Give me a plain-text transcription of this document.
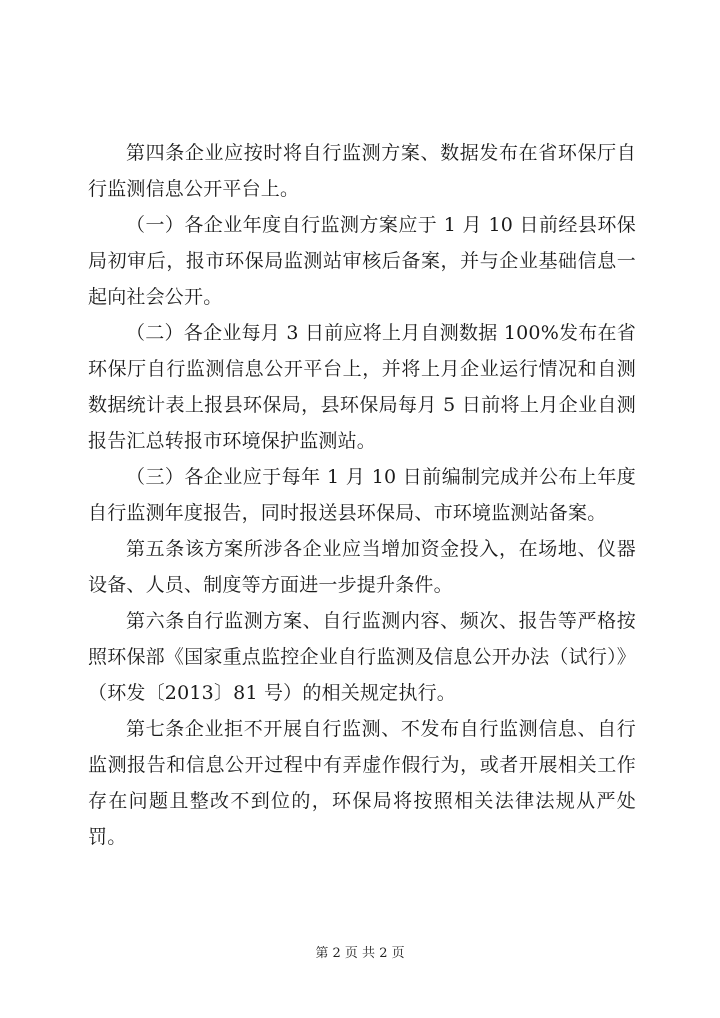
第四条企业应按时将自行监测方案、数据发布在省环保厅自行监测信息公开平台上。

（一）各企业年度自行监测方案应于 1 月 10 日前经县环保局初审后，报市环保局监测站审核后备案，并与企业基础信息一起向社会公开。

（二）各企业每月 3 日前应将上月自测数据 100%发布在省环保厅自行监测信息公开平台上，并将上月企业运行情况和自测数据统计表上报县环保局，县环保局每月 5 日前将上月企业自测报告汇总转报市环境保护监测站。

（三）各企业应于每年 1 月 10 日前编制完成并公布上年度自行监测年度报告，同时报送县环保局、市环境监测站备案。

第五条该方案所涉各企业应当增加资金投入，在场地、仪器设备、人员、制度等方面进一步提升条件。

第六条自行监测方案、自行监测内容、频次、报告等严格按照环保部《国家重点监控企业自行监测及信息公开办法（试行）》（环发〔2013〕81 号）的相关规定执行。

第七条企业拒不开展自行监测、不发布自行监测信息、自行监测报告和信息公开过程中有弄虚作假行为，或者开展相关工作存在问题且整改不到位的，环保局将按照相关法律法规从严处罚。

第 2 页 共 2 页
